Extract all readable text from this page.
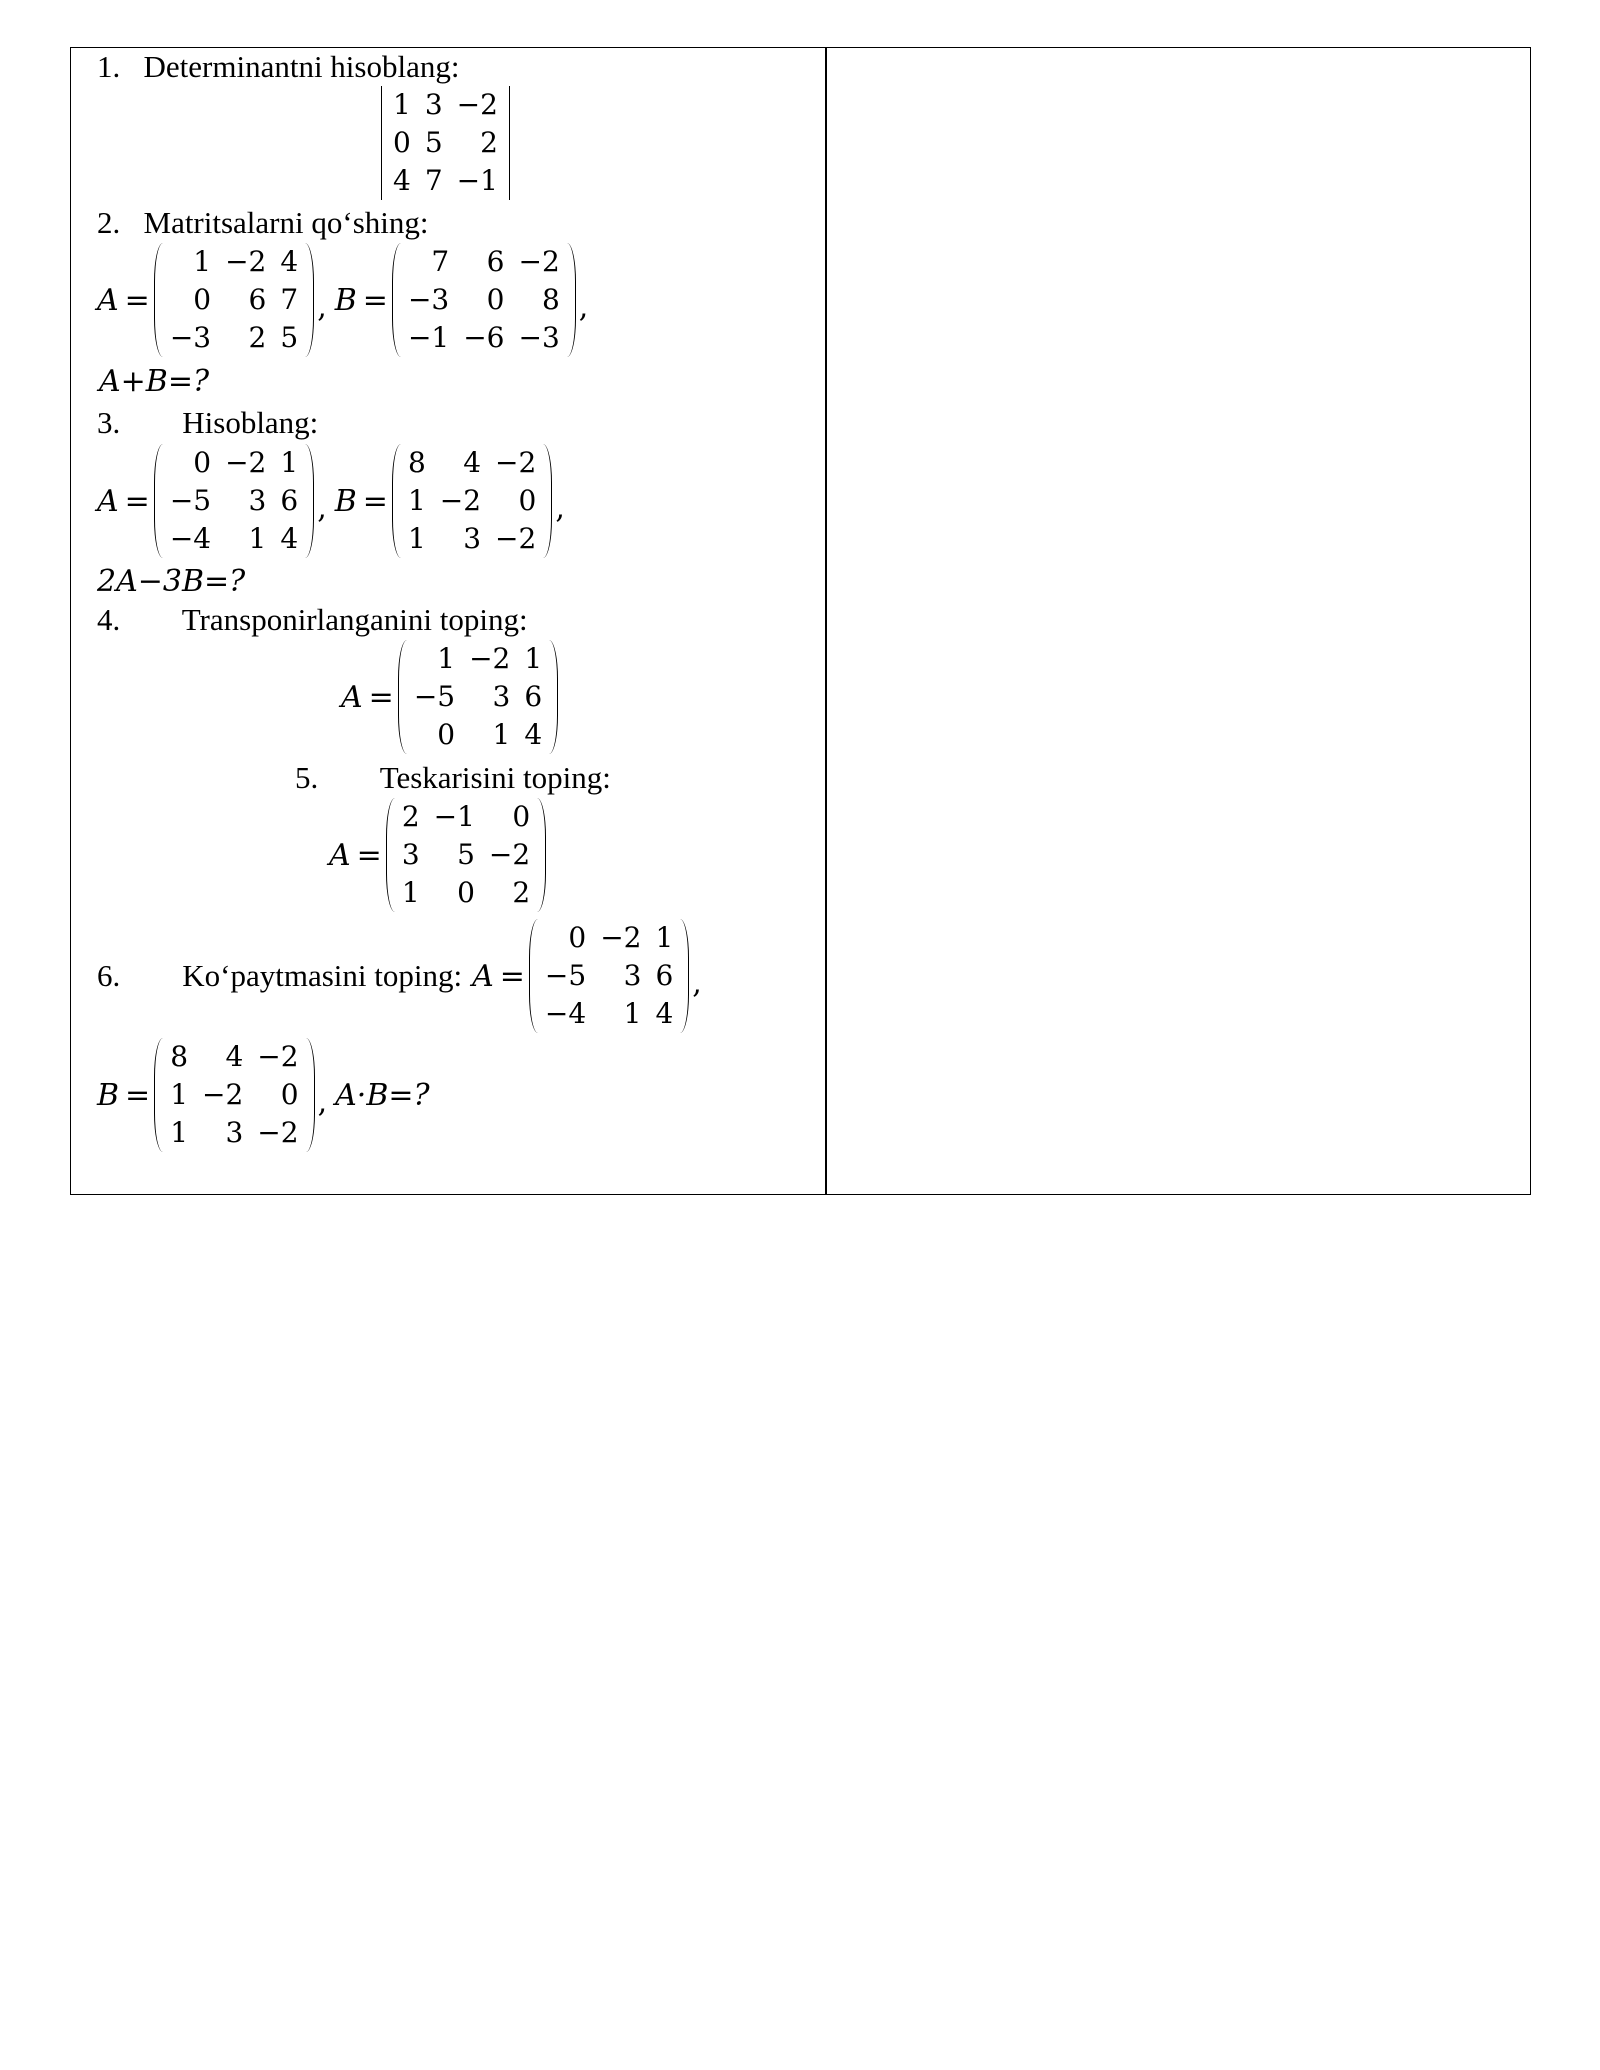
1. Determinantni hisoblang:
1	3	−2
0	5	2
4	7	−1
2. Matritsalarni qo‘shing:
A =
1	−2	4
0	6	7
−3	2	5
, B =
7	6	−2
−3	0	8
−1	−6	−3
,
A+B=?
3. Hisoblang:
A =
0	−2	1
−5	3	6
−4	1	4
, B =
8	4	−2
1	−2	0
1	3	−2
,
2A−3B=?
4. Transponirlanganini toping:
A =
1	−2	1
−5	3	6
0	1	4
5. Teskarisini toping:
A =
2	−1	0
3	5	−2
1	0	2
6. Ko‘paytmasini toping: A =
0	−2	1
−5	3	6
−4	1	4
,
B =
8	4	−2
1	−2	0
1	3	−2
, A·B=?
